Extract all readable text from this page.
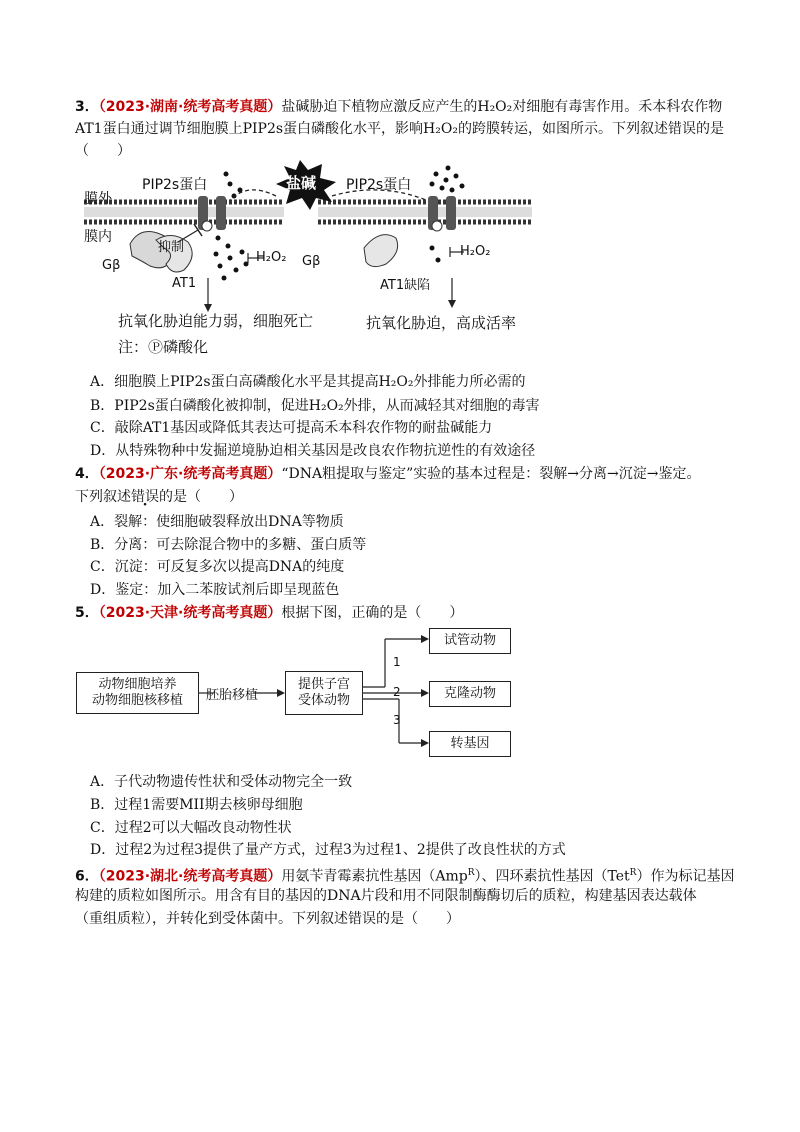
3．（2023·湖南·统考高考真题）盐碱胁迫下植物应激反应产生的H₂O₂对细胞有毒害作用。禾本科农作物
AT1蛋白通过调节细胞膜上PIP2s蛋白磷酸化水平，影响H₂O₂的跨膜转运，如图所示。下列叙述错误的是
（　　）
膜外
膜内
PIP2s蛋白	PIP2s蛋白
盐碱
抑制
Gβ	Gβ
AT1	AT1缺陷
H₂O₂	H₂O₂
抗氧化胁迫能力弱，细胞死亡	抗氧化胁迫，高成活率
注：Ⓟ磷酸化
A．细胞膜上PIP2s蛋白高磷酸化水平是其提高H₂O₂外排能力所必需的
B．PIP2s蛋白磷酸化被抑制，促进H₂O₂外排，从而减轻其对细胞的毒害
C．敲除AT1基因或降低其表达可提高禾本科农作物的耐盐碱能力
D．从特殊物种中发掘逆境胁迫相关基因是改良农作物抗逆性的有效途径
4．（2023·广东·统考高考真题）“DNA粗提取与鉴定”实验的基本过程是：裂解→分离→沉淀→鉴定。
下列叙述错误的是（　　）
A．裂解：使细胞破裂释放出DNA等物质
B．分离：可去除混合物中的多糖、蛋白质等
C．沉淀：可反复多次以提高DNA的纯度
D．鉴定：加入二苯胺试剂后即呈现蓝色
5．（2023·天津·统考高考真题）根据下图，正确的是（　　）
动物细胞培养
动物细胞核移植 胚胎移植
提供子宫
受体动物
试管动物
克隆动物
转基因
1
2
3
A．子代动物遗传性状和受体动物完全一致
B．过程1需要MII期去核卵母细胞
C．过程2可以大幅改良动物性状
D．过程2为过程3提供了量产方式，过程3为过程1、2提供了改良性状的方式
6．（2023·湖北·统考高考真题）用氨苄青霉素抗性基因（Amp$^R$）、四环素抗性基因（Tet$^R$）作为标记基因
构建的质粒如图所示。用含有目的基因的DNA片段和用不同限制酶酶切后的质粒，构建基因表达载体
（重组质粒），并转化到受体菌中。下列叙述错误的是（　　）
